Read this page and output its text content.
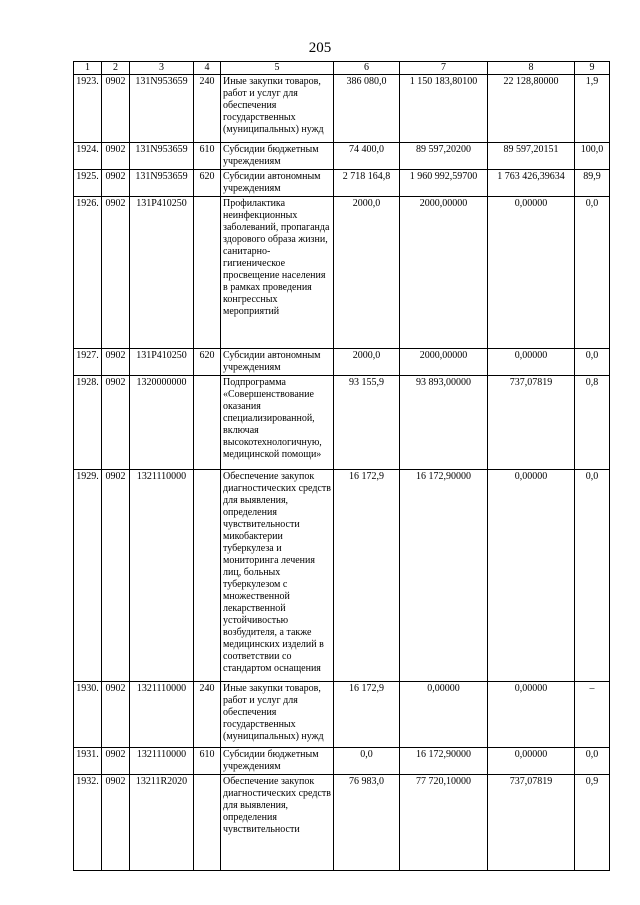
205
1	2	3	4	5	6	7	8	9
1923.	0902	131N953659	240	Иные закупки товаров, работ и услуг для обеспечения государственных (муниципальных) нужд	386 080,0	1 150 183,80100	22 128,80000	1,9
1924.	0902	131N953659	610	Субсидии бюджетным учреждениям	74 400,0	89 597,20200	89 597,20151	100,0
1925.	0902	131N953659	620	Субсидии автономным учреждениям	2 718 164,8	1 960 992,59700	1 763 426,39634	89,9
1926.	0902	131P410250		Профилактика неинфекционных заболеваний, пропаганда здорового образа жизни, санитарно-гигиеническое просвещение населения в рамках проведения конгрессных мероприятий	2000,0	2000,00000	0,00000	0,0
1927.	0902	131P410250	620	Субсидии автономным учреждениям	2000,0	2000,00000	0,00000	0,0
1928.	0902	1320000000		Подпрограмма «Совершенствование оказания специализированной, включая высокотехнологичную, медицинской помощи»	93 155,9	93 893,00000	737,07819	0,8
1929.	0902	1321110000		Обеспечение закупок диагностических средств для выявления, определения чувствительности микобактерии туберкулеза и мониторинга лечения лиц, больных туберкулезом с множественной лекарственной устойчивостью возбудителя, а также медицинских изделий в соответствии со стандартом оснащения	16 172,9	16 172,90000	0,00000	0,0
1930.	0902	1321110000	240	Иные закупки товаров, работ и услуг для обеспечения государственных (муниципальных) нужд	16 172,9	0,00000	0,00000	–
1931.	0902	1321110000	610	Субсидии бюджетным учреждениям	0,0	16 172,90000	0,00000	0,0
1932.	0902	13211R2020		Обеспечение закупок диагностических средств для выявления, определения чувствительности	76 983,0	77 720,10000	737,07819	0,9
